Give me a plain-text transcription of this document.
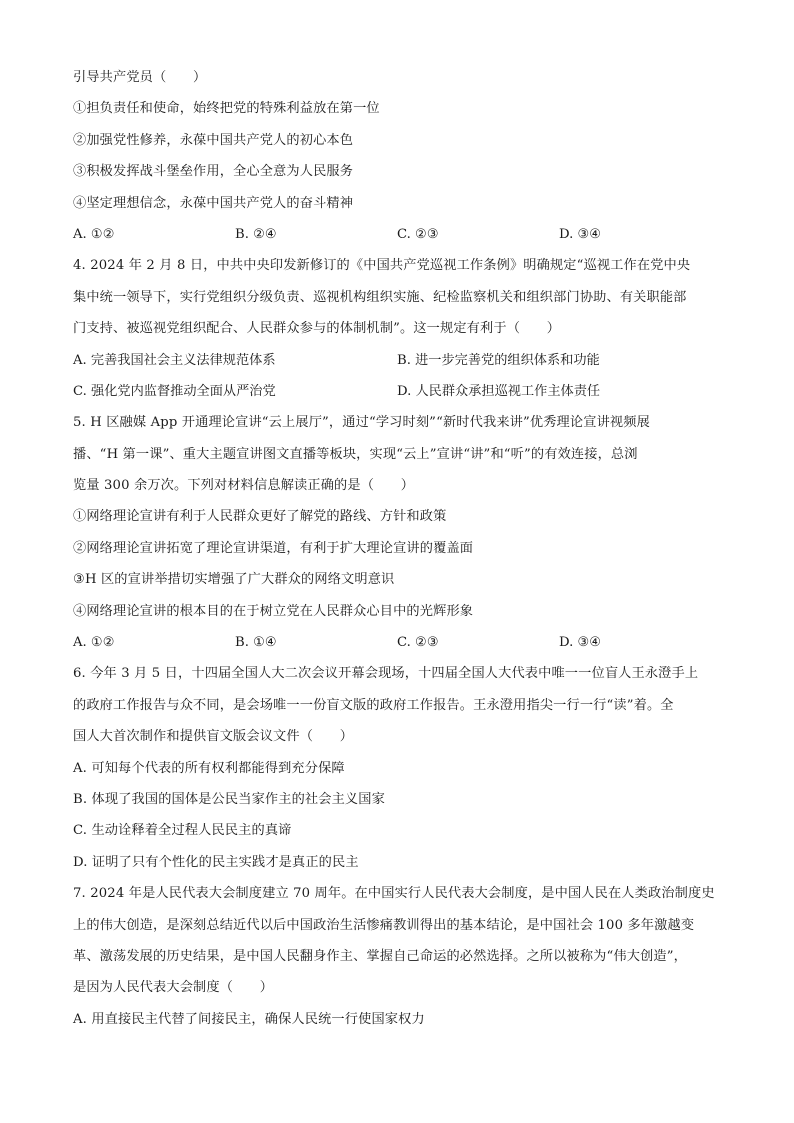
引导共产党员（　　）
①担负责任和使命，始终把党的特殊利益放在第一位
②加强党性修养，永葆中国共产党人的初心本色
③积极发挥战斗堡垒作用，全心全意为人民服务
④坚定理想信念，永葆中国共产党人的奋斗精神
A. ①②	B. ②④	C. ②③	D. ③④
4. 2024 年 2 月 8 日，中共中央印发新修订的《中国共产党巡视工作条例》明确规定“巡视工作在党中央
集中统一领导下，实行党组织分级负责、巡视机构组织实施、纪检监察机关和组织部门协助、有关职能部
门支持、被巡视党组织配合、人民群众参与的体制机制”。这一规定有利于（　　）
A. 完善我国社会主义法律规范体系	B. 进一步完善党的组织体系和功能
C. 强化党内监督推动全面从严治党	D. 人民群众承担巡视工作主体责任
5. H 区融媒 App 开通理论宣讲“云上展厅”，通过“学习时刻”“新时代我来讲”优秀理论宣讲视频展
播、“H 第一课”、重大主题宣讲图文直播等板块，实现“云上”宣讲“讲”和“听”的有效连接，总浏
览量 300 余万次。下列对材料信息解读正确的是（　　）
①网络理论宣讲有利于人民群众更好了解党的路线、方针和政策
②网络理论宣讲拓宽了理论宣讲渠道，有利于扩大理论宣讲的覆盖面
③H 区的宣讲举措切实增强了广大群众的网络文明意识
④网络理论宣讲的根本目的在于树立党在人民群众心目中的光辉形象
A. ①②	B. ①④	C. ②③	D. ③④
6. 今年 3 月 5 日，十四届全国人大二次会议开幕会现场，十四届全国人大代表中唯一一位盲人王永澄手上
的政府工作报告与众不同，是会场唯一一份盲文版的政府工作报告。王永澄用指尖一行一行“读”着。全
国人大首次制作和提供盲文版会议文件（　　）
A. 可知每个代表的所有权利都能得到充分保障
B. 体现了我国的国体是公民当家作主的社会主义国家
C. 生动诠释着全过程人民民主的真谛
D. 证明了只有个性化的民主实践才是真正的民主
7. 2024 年是人民代表大会制度建立 70 周年。在中国实行人民代表大会制度，是中国人民在人类政治制度史
上的伟大创造，是深刻总结近代以后中国政治生活惨痛教训得出的基本结论，是中国社会 100 多年激越变
革、激荡发展的历史结果，是中国人民翻身作主、掌握自己命运的必然选择。之所以被称为“伟大创造”，
是因为人民代表大会制度（　　）
A. 用直接民主代替了间接民主，确保人民统一行使国家权力
